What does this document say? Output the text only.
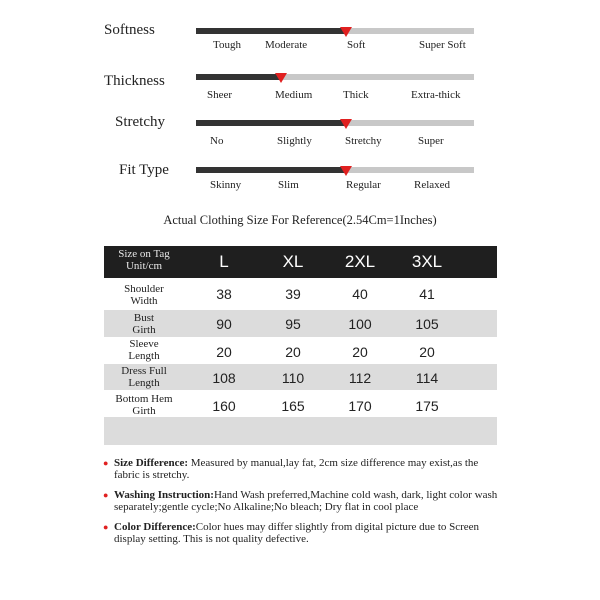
Softness
Tough Moderate	Soft	Super Soft
Thickness
Sheer	Medium	Thick	Extra-thick
Stretchy
No	Slightly	Stretchy	Super
Fit Type
Skinny	Slim	Regular	Relaxed
Actual Clothing Size For Reference(2.54Cm=1Inches)
Size on Tag
Unit/cm	L	XL	2XL	3XL
Shoulder
Width	38	39	40	41
Bust
Girth	90	95	100	105
Sleeve
Length	20	20	20	20
Dress Full
Length	108	110	112	114
Bottom Hem
Girth	160	165	170	175
● Size Difference: Measured by manual,lay fat, 2cm size difference may exist,as the fabric is stretchy.
● Washing Instruction:Hand Wash preferred,Machine cold wash, dark, light color wash separately;gentle cycle;No Alkaline;No bleach; Dry flat in cool place
● Color Difference:Color hues may differ slightly from digital picture due to Screen display setting. This is not quality defective.
